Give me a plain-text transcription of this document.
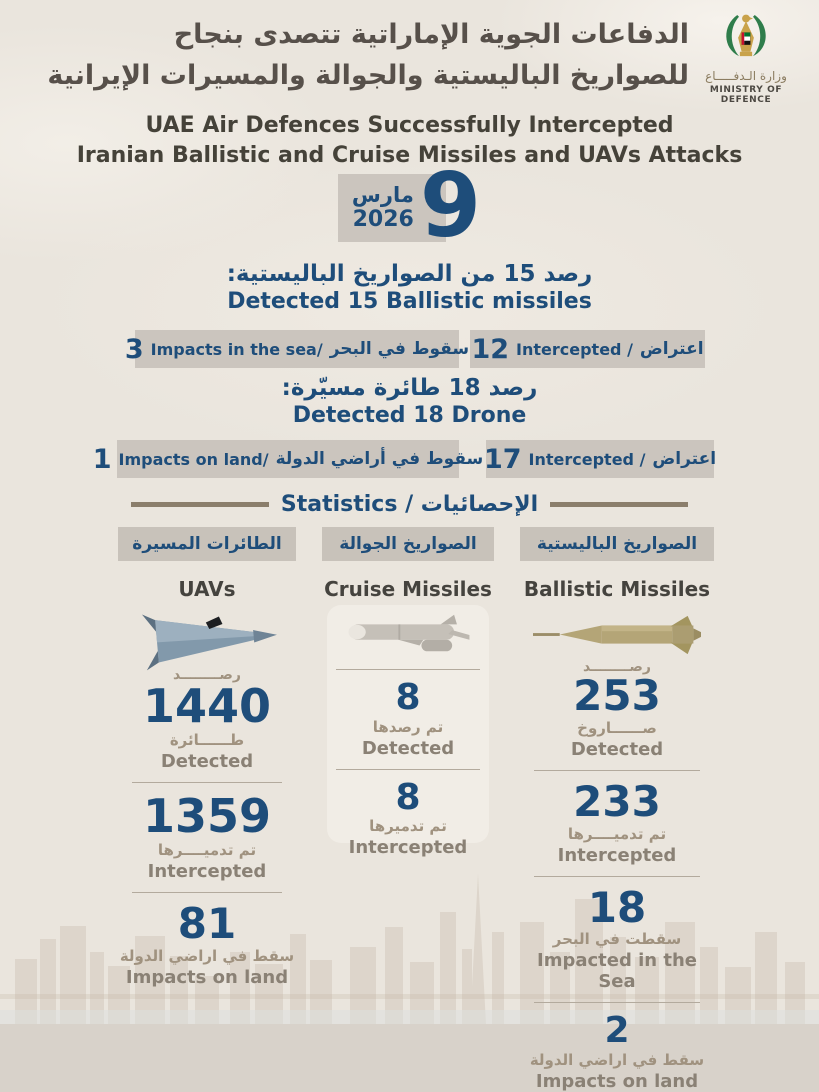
الدفاعات الجوية الإماراتية تتصدى بنجاح
للصواريخ الباليستية والجوالة والمسيرات الإيرانية	وزارة الـدفـــــاع
MINISTRY OF DEFENCE
UAE Air Defences Successfully Intercepted
Iranian Ballistic and Cruise Missiles and UAVs Attacks
مارس
2026 9
رصد 15 من الصواريخ الباليستية:
Detected 15 Ballistic missiles
3 Impacts in the sea/ سقوط في البحر 12 Intercepted / اعتراض
رصد 18 طائرة مسيّرة:
Detected 18 Drone
1 Impacts on land/ سقوط في أراضي الدولة 17 Intercepted / اعتراض
Statistics / الإحصائيات
الطائرات المسيرة
UAVs
رصــــــــد
1440
طــــــائرة
Detected
1359
تم تدميــــرها
Intercepted
81
سقط في اراضي الدولة
Impacts on land
الصواريخ الجوالة
Cruise Missiles
8
تم رصدها
Detected
8
تم تدميرها
Intercepted
الصواريخ الباليستية
Ballistic Missiles
رصــــــــد
253
صــــــاروخ
Detected
233
تم تدميــــرها
Intercepted
18
سقطت في البحر
Impacted in the Sea
2
سقط في اراضي الدولة
Impacts on land
